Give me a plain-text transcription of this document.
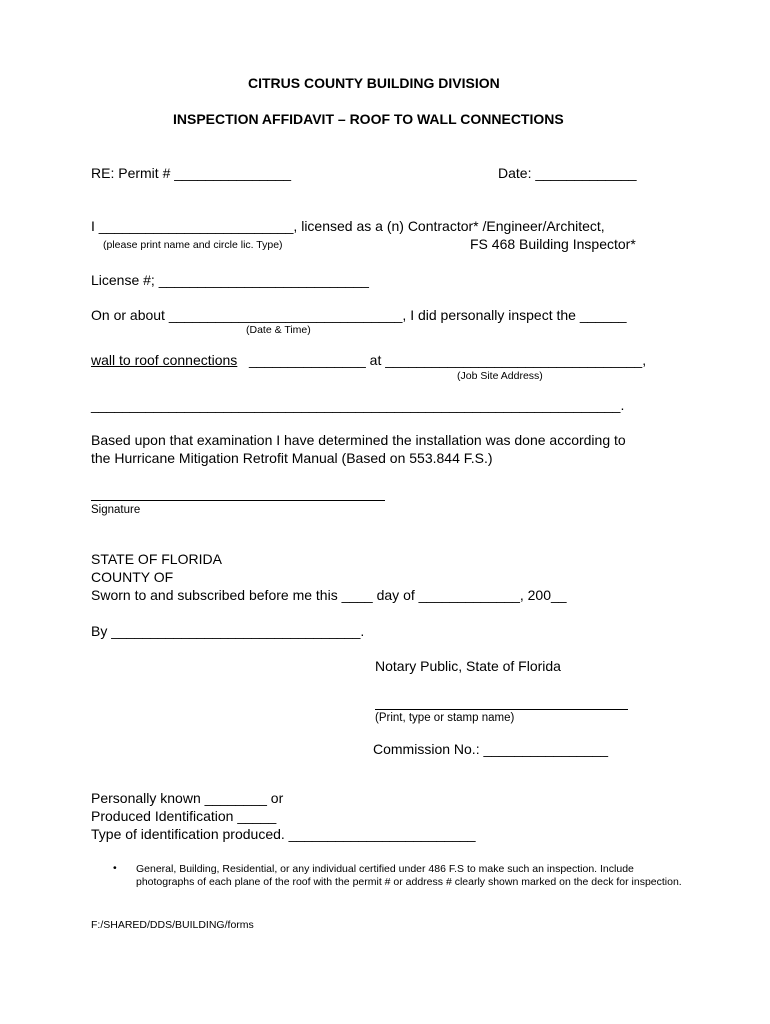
CITRUS COUNTY BUILDING DIVISION
INSPECTION AFFIDAVIT – ROOF TO WALL CONNECTIONS
RE: Permit # _______________	Date: _____________
I _________________________, licensed as a (n) Contractor* /Engineer/Architect,
(please print name and circle lic. Type)	FS 468 Building Inspector*
License #; ___________________________
On or about ______________________________, I did personally inspect the ______
(Date & Time)
wall to roof connections _______________ at _________________________________,
(Job Site Address)
____________________________________________________________________.
Based upon that examination I have determined the installation was done according to
the Hurricane Mitigation Retrofit Manual (Based on 553.844 F.S.)
Signature
STATE OF FLORIDA
COUNTY OF
Sworn to and subscribed before me this ____ day of _____________, 200__
By ________________________________.
Notary Public, State of Florida
(Print, type or stamp name)
Commission No.: ________________
Personally known ________ or
Produced Identification _____
Type of identification produced. ________________________
• General, Building, Residential, or any individual certified under 486 F.S to make such an inspection. Include photographs of each plane of the roof with the permit # or address # clearly shown marked on the deck for inspection.
F:/SHARED/DDS/BUILDING/forms
